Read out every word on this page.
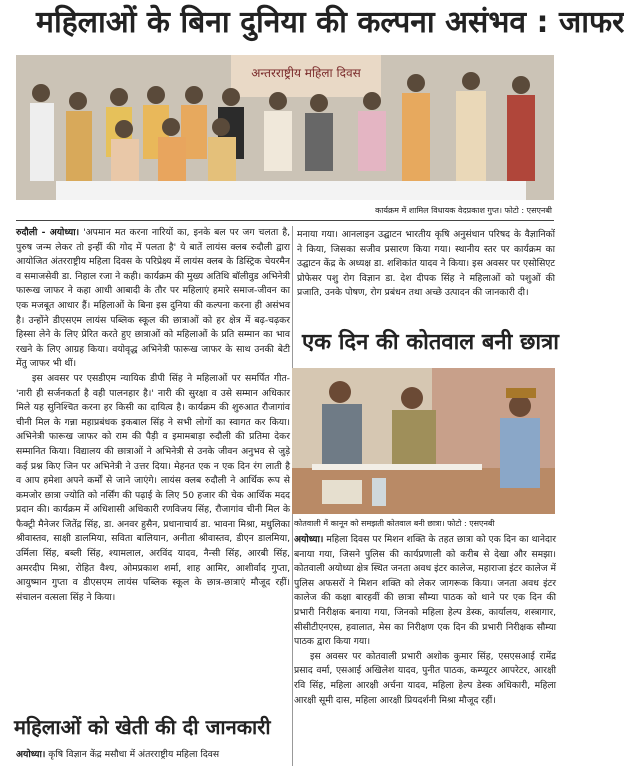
महिलाओं के बिना दुनिया की कल्पना असंभव : जाफर
अन्तरराष्ट्रीय महिला दिवस
कार्यक्रम में शामिल विधायक वेदप्रकाश गुप्त। फोटो : एसएनबी

रुदौली - अयोध्या। 'अपमान मत करना नारियों का, इनके बल पर जग चलता है, पुरुष जन्म लेकर तो इन्हीं की गोद में पलता है' ये बातें लायंस क्लब रुदौली द्वारा आयोजित अंतरराष्ट्रीय महिला दिवस के परिप्रेक्ष्य में लायंस क्लब के डिस्ट्रिक चेयरमैन व समाजसेवी डा. निहाल रजा ने कही। कार्यक्रम की मुख्य अतिथि बॉलीवुड अभिनेत्री फारूख जाफर ने कहा आधी आबादी के तौर पर महिलाएं हमारे समाज-जीवन का एक मजबूत आधार हैं। महिलाओं के बिना इस दुनिया की कल्पना करना ही असंभव है। उन्होंने डीएसएम लायंस पब्लिक स्कूल की छात्राओं को हर क्षेत्र में बढ़-चढ़कर हिस्सा लेने के लिए प्रेरित करते हुए छात्राओं को महिलाओं के प्रति सम्मान का भाव रखने के लिए आग्रह किया। वयोवृद्ध अभिनेत्री फारूख जाफर के साथ उनकी बेटी मेंतु जाफर भी थीं।

इस अवसर पर एसडीएम न्यायिक डीपी सिंह ने महिलाओं पर समर्पित गीत- 'नारी ही सर्जनकर्ता है वही पालनहार है।' नारी की सुरक्षा व उसे सम्मान अधिकार मिले यह सुनिश्चित करना हर किसी का दायित्व है। कार्यक्रम की शुरुआत रौजागांव चीनी मिल के गन्ना महाप्रबंधक इकबाल सिंह ने सभी लोगों का स्वागत कर किया। अभिनेत्री फारूख जाफर को राम की पैड़ी व इमामबाड़ा रुदौली की प्रतिमा देकर सम्मानित किया। विद्यालय की छात्राओं ने अभिनेत्री से उनके जीवन अनुभव से जुड़े कई प्रश्न किए जिन पर अभिनेत्री ने उत्तर दिया। मेहनत एक न एक दिन रंग लाती है व आप हमेशा अपने कर्मों से जाने जाएंगे। लायंस क्लब रुदौली ने आर्थिक रूप से कमजोर छात्रा ज्योति को नर्सिंग की पढ़ाई के लिए 50 हजार की चेक आर्थिक मदद प्रदान की। कार्यक्रम में अधिशासी अधिकारी रणविजय सिंह, रौजागांव चीनी मिल के फैक्ट्री मैनेजर जितेंद्र सिंह, डा. अनवर हुसैन, प्रधानाचार्य डा. भावना मिश्रा, मधुलिका श्रीवास्तव, साक्षी डालमिया, सविता बालियान, अनीता श्रीवास्तव, डीएन डालमिया, उर्मिला सिंह, बब्ली सिंह, श्यामलाल, अरविंद यादव, नैन्सी सिंह, आरबी सिंह, अमरदीप मिश्रा, रोहित वैश्य, ओमप्रकाश शर्मा, शाह आमिर, आशीर्वाद गुप्ता, आयुष्मान गुप्ता व डीएसएम लायंस पब्लिक स्कूल के छात्र-छात्राएं मौजूद रहीं। संचालन वत्सला सिंह ने किया।

महिलाओं को खेती की दी जानकारी

अयोध्या। कृषि विज्ञान केंद्र मसौधा में अंतरराष्ट्रीय महिला दिवस

मनाया गया। आनलाइन उद्घाटन भारतीय कृषि अनुसंधान परिषद के वैज्ञानिकों ने किया, जिसका सजीव प्रसारण किया गया। स्थानीय स्तर पर कार्यक्रम का उद्घाटन केंद्र के अध्यक्ष डा. शशिकांत यादव ने किया। इस अवसर पर एसोसिएट प्रोफेसर पशु रोग विज्ञान डा. देश दीपक सिंह ने महिलाओं को पशुओं की प्रजाति, उनके पोषण, रोग प्रबंधन तथा अच्छे उत्पादन की जानकारी दी।
एक दिन की कोतवाल बनी छात्रा
कोतवाली में कानून को समझती कोतवाल बनी छात्रा। फोटो : एसएनबी

अयोध्या। महिला दिवस पर मिशन शक्ति के तहत छात्रा को एक दिन का थानेदार बनाया गया, जिसने पुलिस की कार्यप्रणाली को करीब से देखा और समझा। कोतवाली अयोध्या क्षेत्र स्थित जनता अवध इंटर कालेज, महाराजा इंटर कालेज में पुलिस अफसरों ने मिशन शक्ति को लेकर जागरूक किया। जनता अवध इंटर कालेज की कक्षा बारहवीं की छात्रा सौम्या पाठक को थाने पर एक दिन की प्रभारी निरीक्षक बनाया गया, जिनको महिला हेल्प डेस्क, कार्यालय, शस्त्रागार, सीसीटीएनएस, हवालात, मेस का निरीक्षण एक दिन की प्रभारी निरीक्षक सौम्या पाठक द्वारा किया गया।

इस अवसर पर कोतवाली प्रभारी अशोक कुमार सिंह, एसएसआई रामेंद्र प्रसाद वर्मा, एसआई अखिलेश यादव, पुनीत पाठक, कम्प्यूटर आपरेटर, आरक्षी रवि सिंह, महिला आरक्षी अर्चना यादव, महिला हेल्प डेस्क अधिकारी, महिला आरक्षी सूमी दास, महिला आरक्षी प्रियदर्शनी मिश्रा मौजूद रहीं।
